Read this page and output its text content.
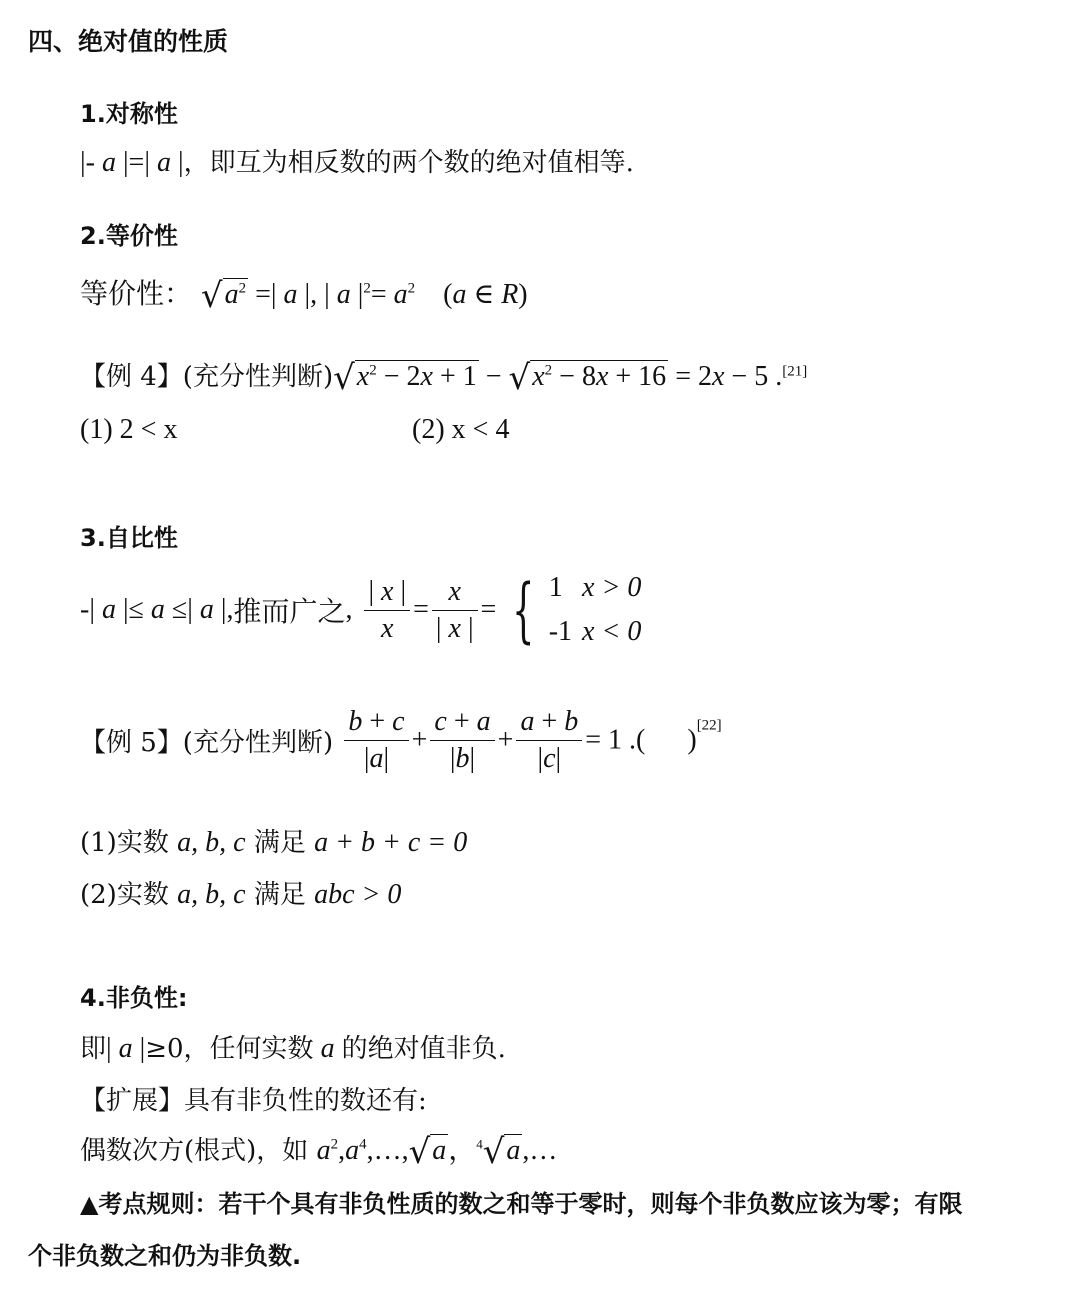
四、绝对值的性质
1.对称性
|- a |=| a |，即互为相反数的两个数的绝对值相等.
2.等价性
等价性： $√a^2$ =| a |, | a $|^2= a^2$    (a ∈ R)
【例 4】(充分性判断)$√x^2 - 2x + 1 - √x^2 - 8x + 16 = 2x - 5$ .[21]
(1) 2 < x	(2) x < 4
3.自比性
-| a |≤ a ≤| a |,推而广之, $\frac{| x |}{x} = \frac{x}{| x |}$ = { 1	x > 0
-1	x < 0
【例 5】(充分性判断) $\frac{b + c}{|a|} + \frac{c + a}{|b|} + \frac{a + b}{|c|} = 1$ .(      )[22]
(1)实数 a, b, c 满足 a + b + c = 0
(2)实数 a, b, c 满足 abc > 0
4.非负性:
即| a |≥0，任何实数 a 的绝对值非负.
【扩展】具有非负性的数还有:
偶数次方(根式)，如 $a^2,a^4,\dots,√a$，$^4$√a,…
▲考点规则：若干个具有非负性质的数之和等于零时，则每个非负数应该为零；有限
个非负数之和仍为非负数.
